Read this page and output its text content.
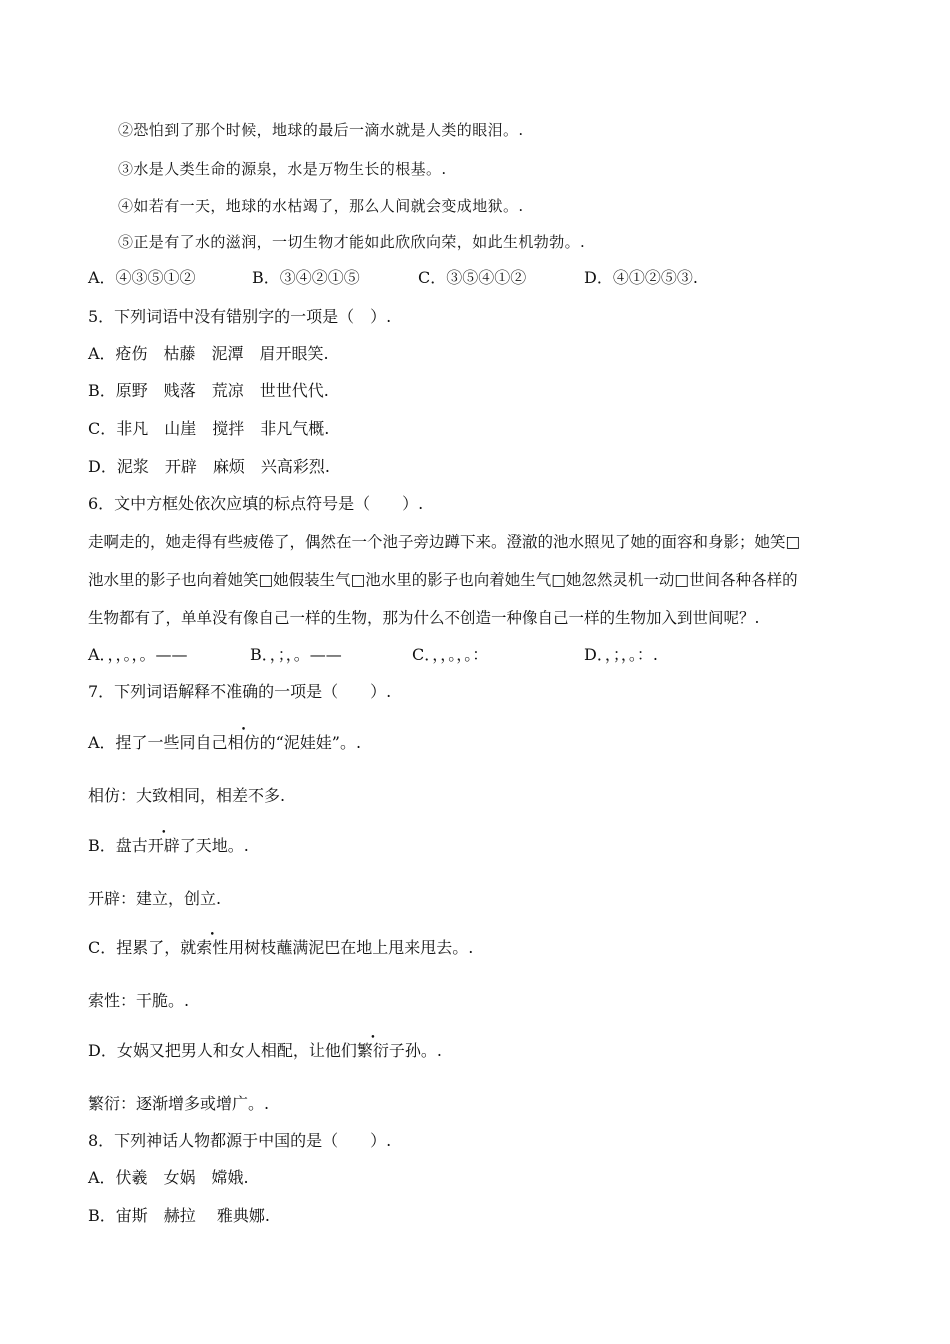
②恐怕到了那个时候，地球的最后一滴水就是人类的眼泪。.
③水是人类生命的源泉，水是万物生长的根基。.
④如若有一天，地球的水枯竭了，那么人间就会变成地狱。.
⑤正是有了水的滋润，一切生物才能如此欣欣向荣，如此生机勃勃。.
A．④③⑤①②	B．③④②①⑤	C．③⑤④①②	D．④①②⑤③.
5．下列词语中没有错别字的一项是（　）.
A．疮伤　枯藤　泥潭　眉开眼笑.
B．原野　贱落　荒凉　世世代代.
C．非凡　山崖　搅拌　非凡气概.
D．泥浆　开辟　麻烦　兴高彩烈.
6．文中方框处依次应填的标点符号是（　　）.
走啊走的，她走得有些疲倦了，偶然在一个池子旁边蹲下来。澄澈的池水照见了她的面容和身影；她笑□
池水里的影子也向着她笑□她假装生气□池水里的影子也向着她生气□她忽然灵机一动□世间各种各样的
生物都有了，单单没有像自己一样的生物，那为什么不创造一种像自己一样的生物加入到世间呢？.
A．，，。，。——	B．，；，。——	C．，，。，。：	D．，；，。：.
7．下列词语解释不准确的一项是（　　）.
A．捏了一些同自己相仿的“泥娃娃”。.
相仿：大致相同，相差不多.
B．盘古开辟了天地。.
开辟：建立，创立.
C．捏累了，就索性用树枝蘸满泥巴在地上甩来甩去。.
索性：干脆。.
D．女娲又把男人和女人相配，让他们繁衍子孙。.
繁衍：逐渐增多或增广。.
8．下列神话人物都源于中国的是（　　）.
A．伏羲　女娲　嫦娥.
B．宙斯　赫拉　 雅典娜.
